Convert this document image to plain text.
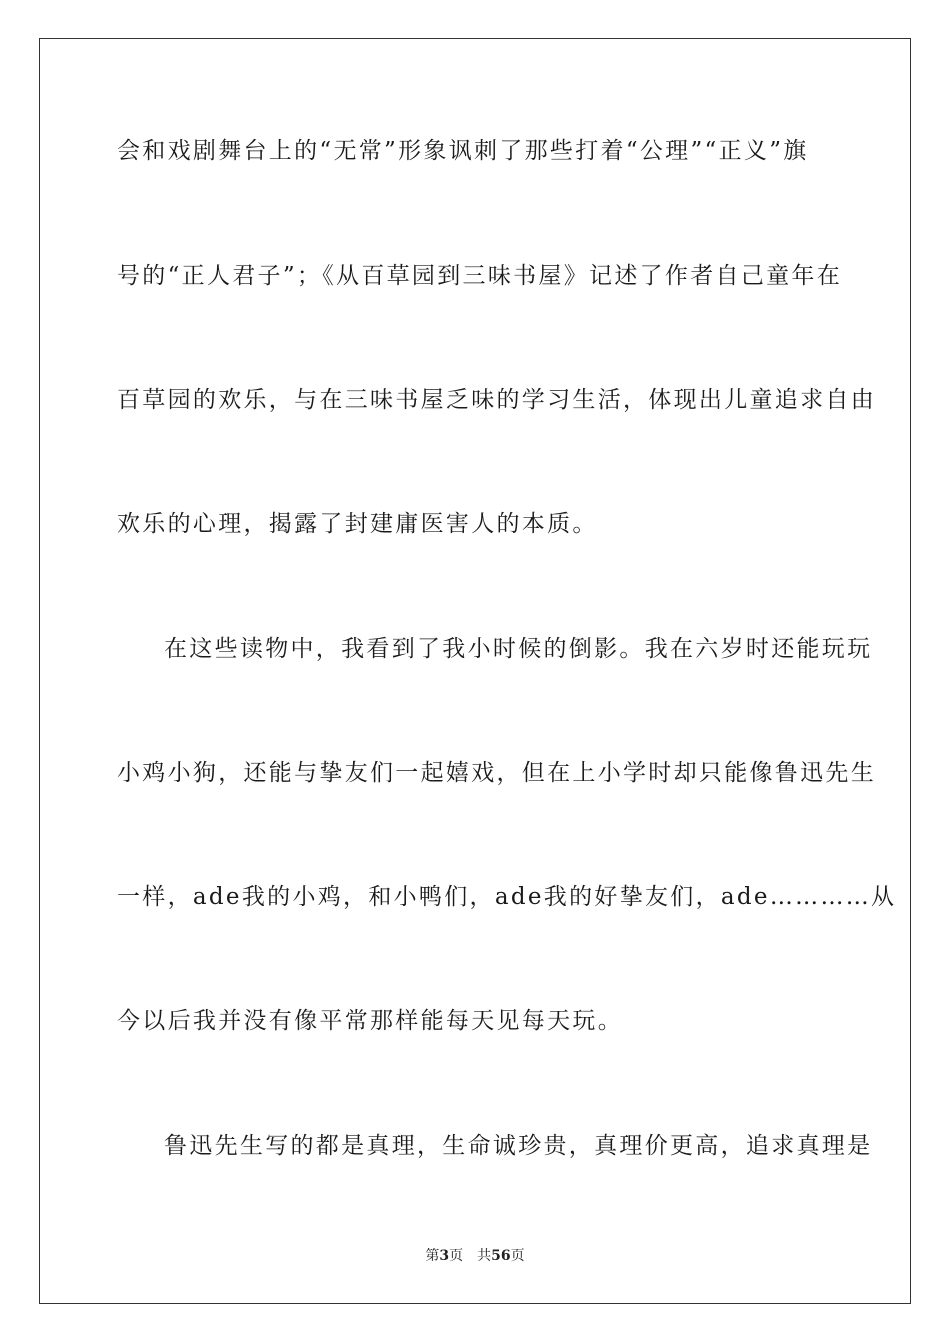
会和戏剧舞台上的“无常”形象讽刺了那些打着“公理”“正义”旗
号的“正人君子”；《从百草园到三味书屋》记述了作者自己童年在
百草园的欢乐，与在三味书屋乏味的学习生活，体现出儿童追求自由
欢乐的心理，揭露了封建庸医害人的本质。
在这些读物中，我看到了我小时候的倒影。我在六岁时还能玩玩
小鸡小狗，还能与挚友们一起嬉戏，但在上小学时却只能像鲁迅先生
一样，ade我的小鸡，和小鸭们，ade我的好挚友们，ade…………从
今以后我并没有像平常那样能每天见每天玩。
鲁迅先生写的都是真理，生命诚珍贵，真理价更高，追求真理是
第3页　共56页
